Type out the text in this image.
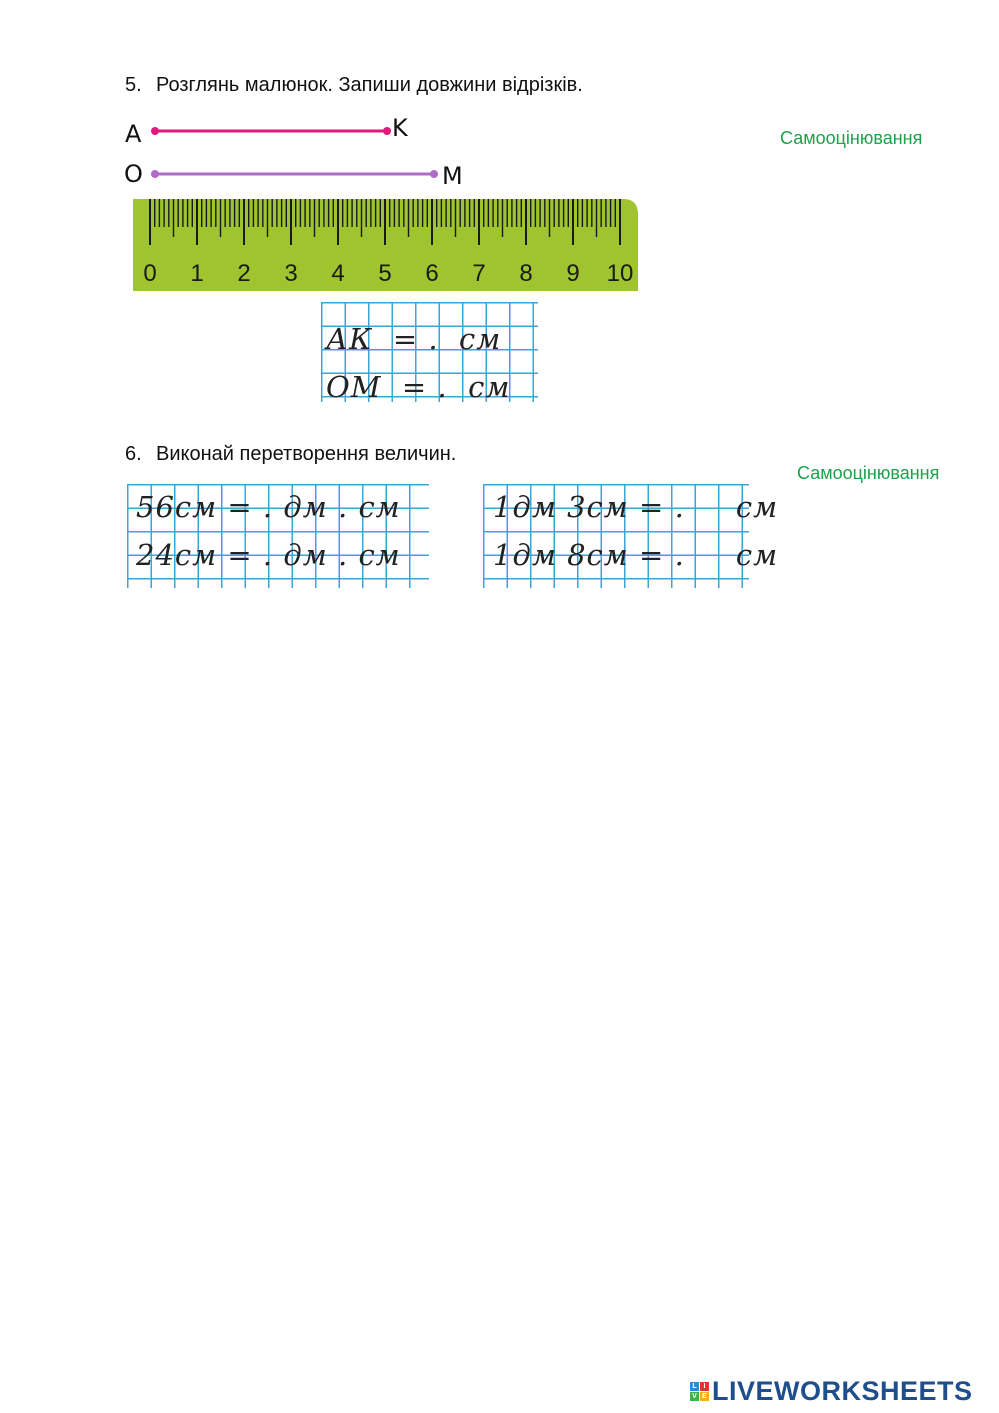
5. Розглянь малюнок. Запиши довжини відрізків.
Самооцінювання
A	K
O	M
0 1 2 3 4 5 6 7 8 9 10
АК  = .  см
ОМ  = .  см
6. Виконай перетворення величин.
Самооцінювання
56см = . дм . см
24см = . дм . см
1дм 3см = .     см
1дм 8см = .     см
L I
V E LIVEWORKSHEETS
